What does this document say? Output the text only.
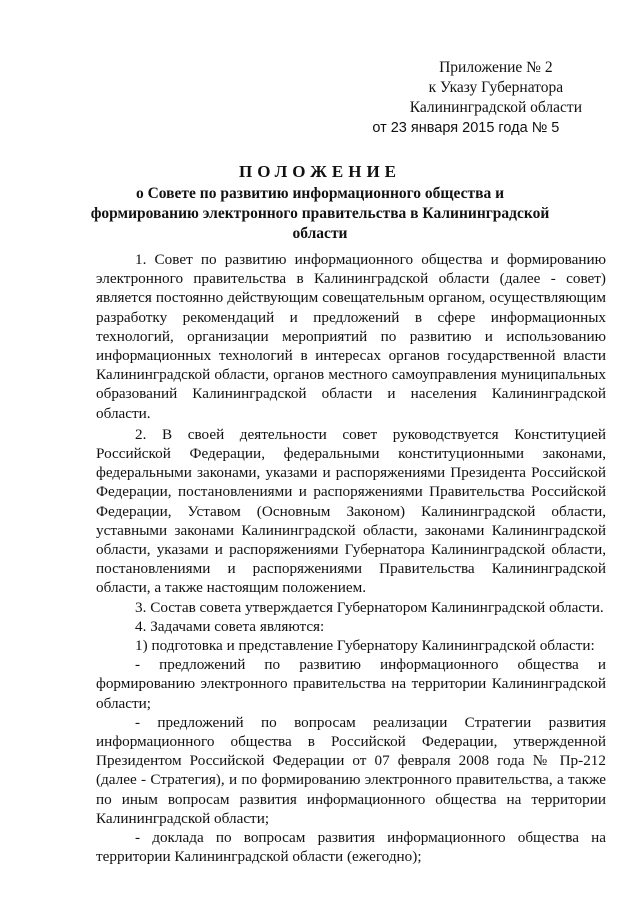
Приложение № 2
к Указу Губернатора
Калининградской области
от 23 января 2015 года № 5
ПОЛОЖЕНИЕ
о Совете по развитию информационного общества и формированию электронного правительства в Калининградской области

1. Совет по развитию информационного общества и формированию электронного правительства в Калининградской области (далее - совет) является постоянно действующим совещательным органом, осуществляющим разработку рекомендаций и предложений в сфере информационных технологий, организации мероприятий по развитию и использованию информационных технологий в интересах органов государственной власти Калининградской области, органов местного самоуправления муниципальных образований Калининградской области и населения Калининградской области.

2. В своей деятельности совет руководствуется Конституцией Российской Федерации, федеральными конституционными законами, федеральными законами, указами и распоряжениями Президента Российской Федерации, постановлениями и распоряжениями Правительства Российской Федерации, Уставом (Основным Законом) Калининградской области, уставными законами Калининградской области, законами Калининградской области, указами и распоряжениями Губернатора Калининградской области, постановлениями и распоряжениями Правительства Калининградской области, а также настоящим положением.

3. Состав совета утверждается Губернатором Калининградской области.

4. Задачами совета являются:

1) подготовка и представление Губернатору Калининградской области:

- предложений по развитию информационного общества и формированию электронного правительства на территории Калининградской области;

- предложений по вопросам реализации Стратегии развития информационного общества в Российской Федерации, утвержденной Президентом Российской Федерации от 07 февраля 2008 года № Пр-212 (далее - Стратегия), и по формированию электронного правительства, а также по иным вопросам развития информационного общества на территории Калининградской области;

- доклада по вопросам развития информационного общества на территории Калининградской области (ежегодно);
